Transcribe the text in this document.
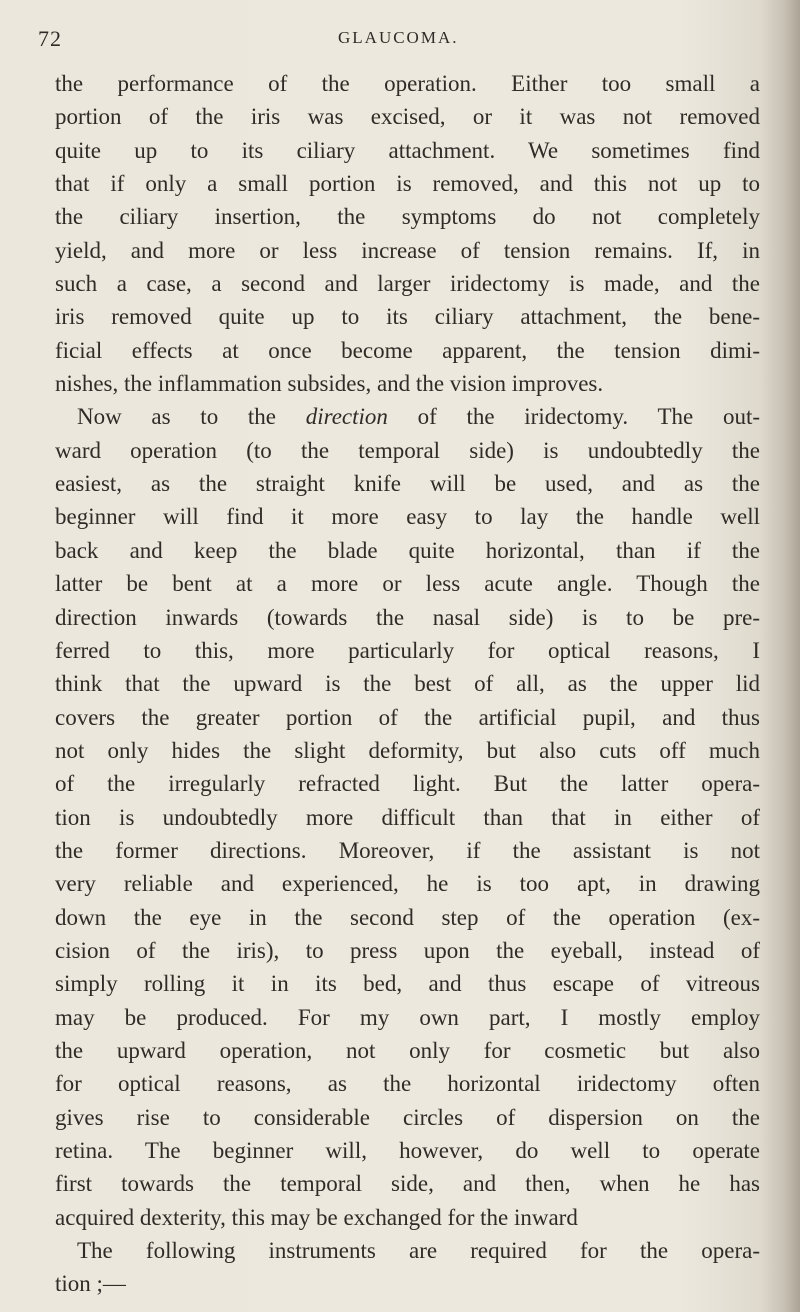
72	GLAUCOMA.
the performance of the operation. Either too small a
portion of the iris was excised, or it was not removed
quite up to its ciliary attachment. We sometimes find
that if only a small portion is removed, and this not up to
the ciliary insertion, the symptoms do not completely
yield, and more or less increase of tension remains. If, in
such a case, a second and larger iridectomy is made, and the
iris removed quite up to its ciliary attachment, the bene-
ficial effects at once become apparent, the tension dimi-
nishes, the inflammation subsides, and the vision improves.
Now as to the direction of the iridectomy. The out-
ward operation (to the temporal side) is undoubtedly the
easiest, as the straight knife will be used, and as the
beginner will find it more easy to lay the handle well
back and keep the blade quite horizontal, than if the
latter be bent at a more or less acute angle. Though the
direction inwards (towards the nasal side) is to be pre-
ferred to this, more particularly for optical reasons, I
think that the upward is the best of all, as the upper lid
covers the greater portion of the artificial pupil, and thus
not only hides the slight deformity, but also cuts off much
of the irregularly refracted light. But the latter opera-
tion is undoubtedly more difficult than that in either of
the former directions. Moreover, if the assistant is not
very reliable and experienced, he is too apt, in drawing
down the eye in the second step of the operation (ex-
cision of the iris), to press upon the eyeball, instead of
simply rolling it in its bed, and thus escape of vitreous
may be produced. For my own part, I mostly employ
the upward operation, not only for cosmetic but also
for optical reasons, as the horizontal iridectomy often
gives rise to considerable circles of dispersion on the
retina. The beginner will, however, do well to operate
first towards the temporal side, and then, when he has
acquired dexterity, this may be exchanged for the inward
The following instruments are required for the opera-
tion ;—
